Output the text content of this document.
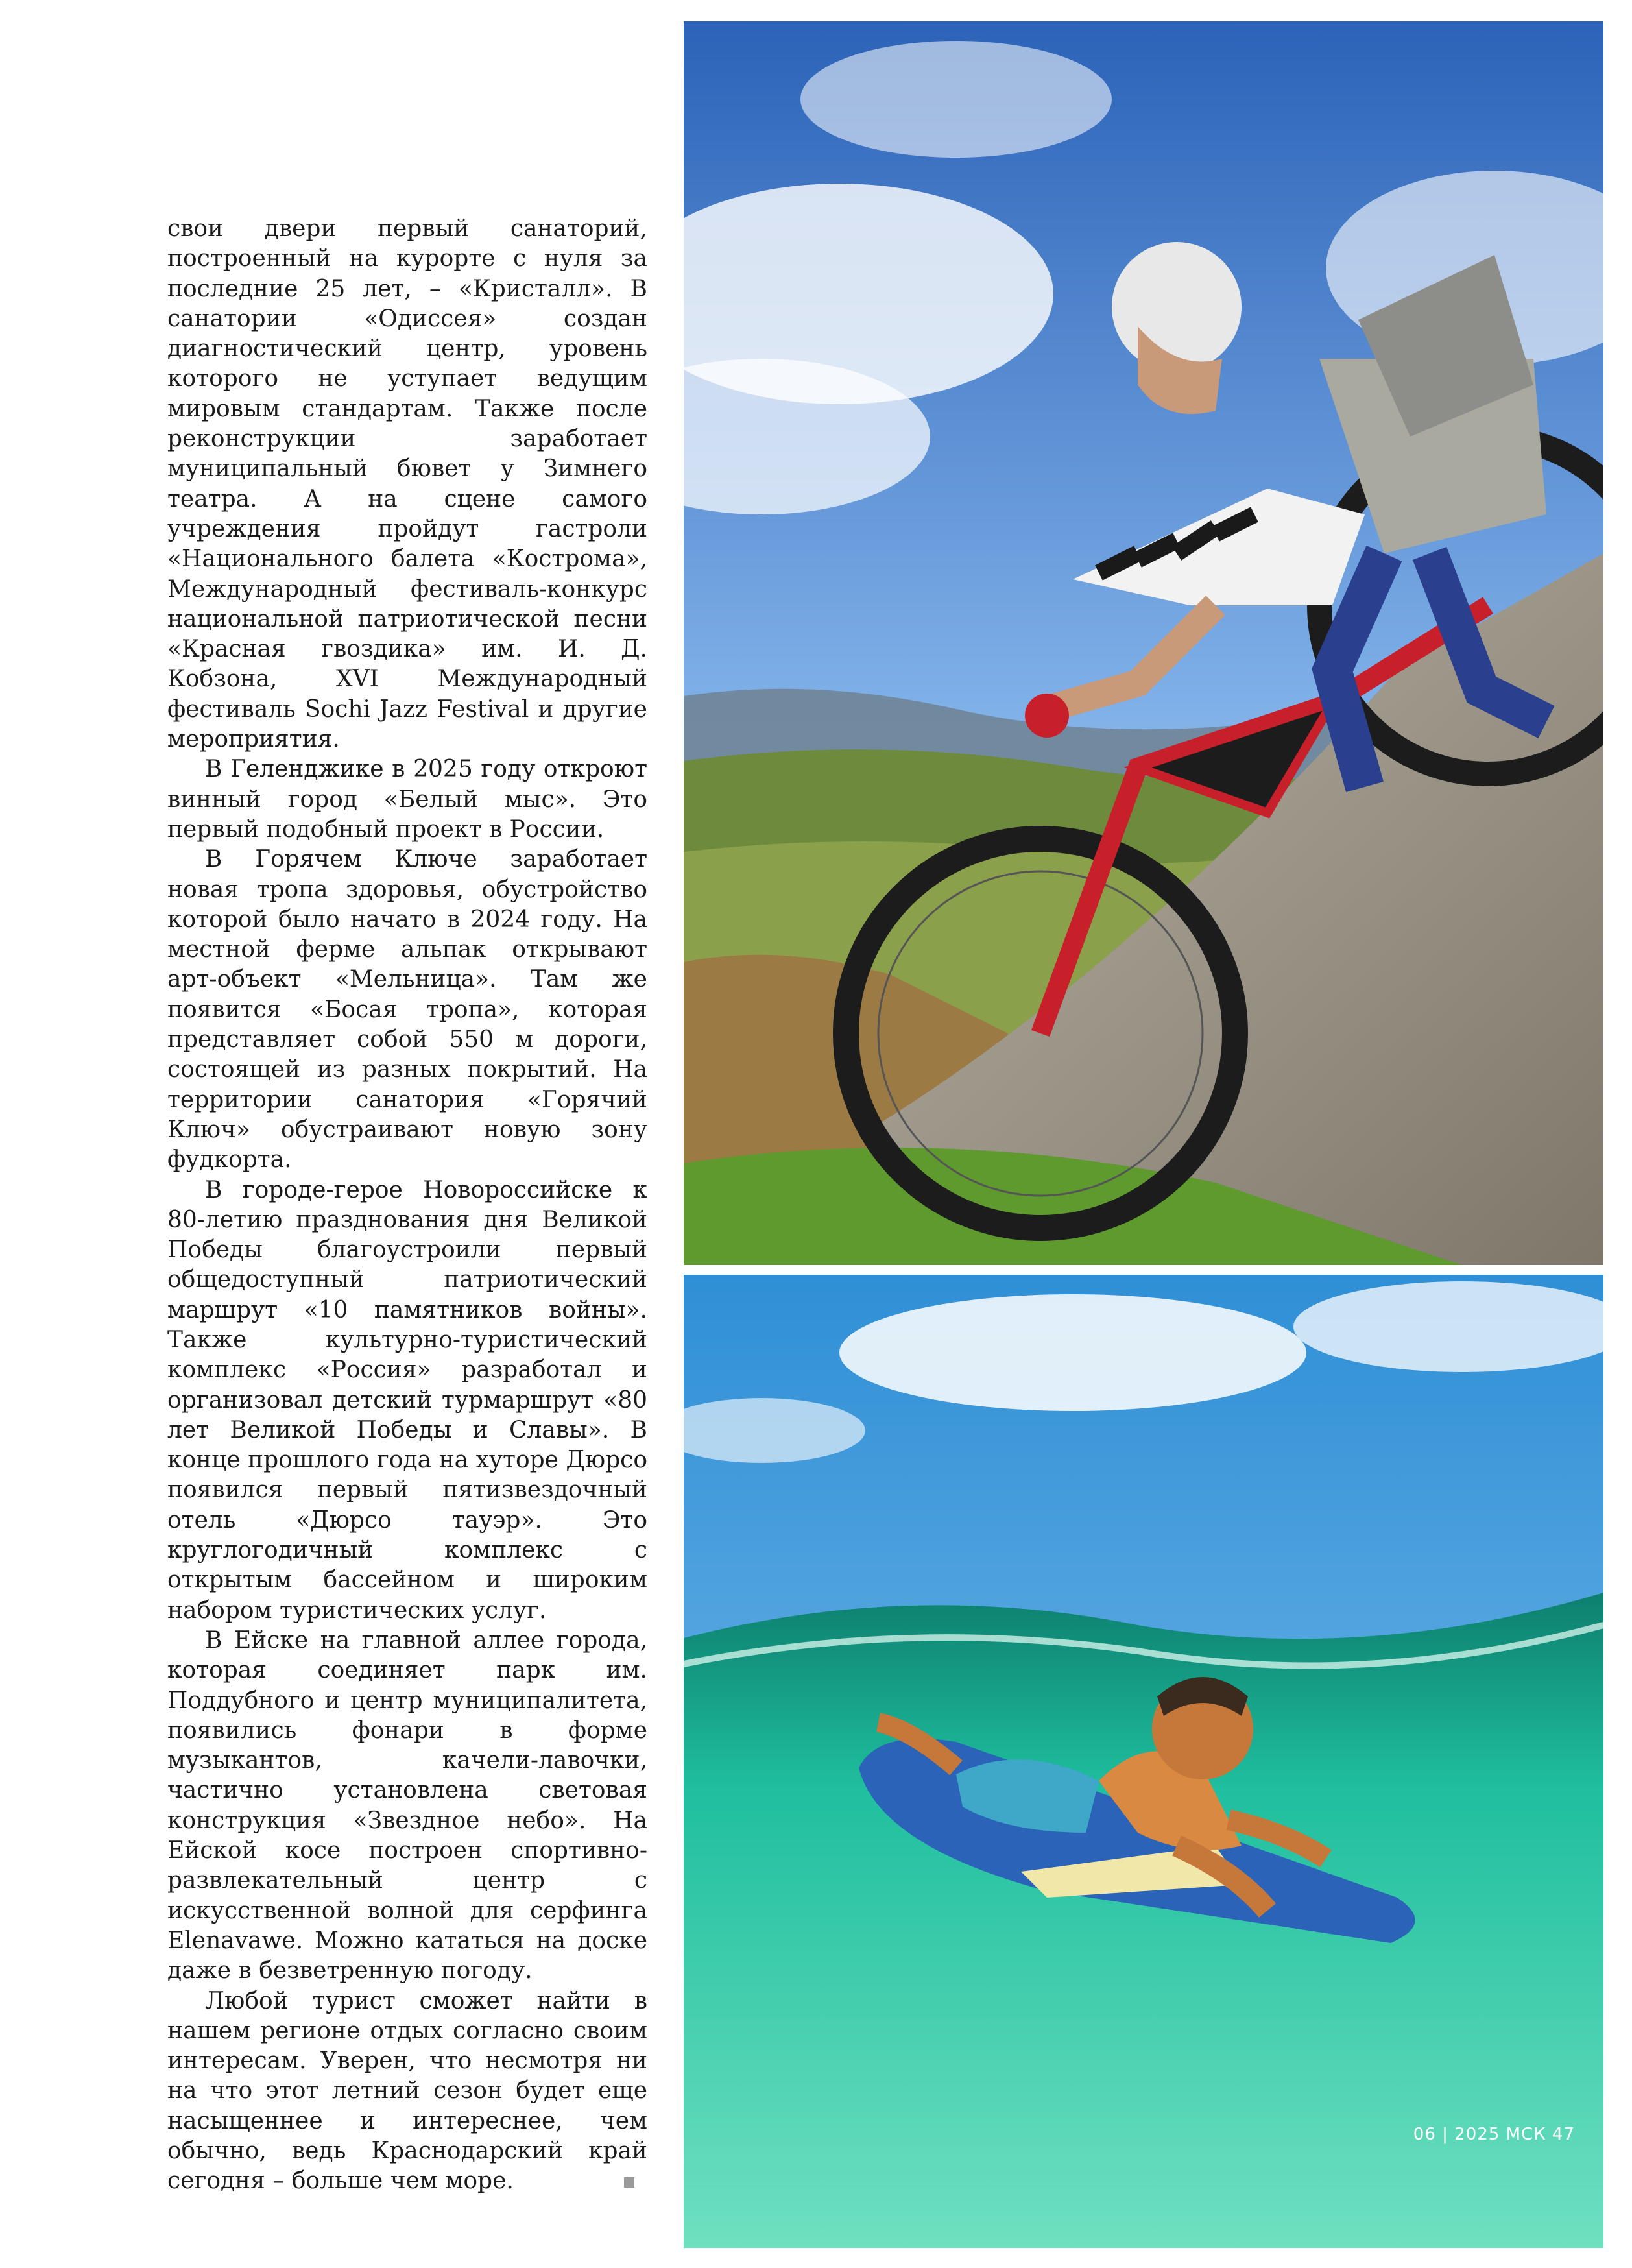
свои двери первый санаторий, построенный на курорте с нуля за последние 25 лет, – «Кристалл». В санатории «Одиссея» создан диагностический центр, уровень которого не уступает ведущим мировым стандартам. Также после реконструкции заработает муниципальный бювет у Зимнего театра. А на сцене самого учреждения пройдут гастроли «Национального балета «Кострома», Международный фестиваль-конкурс национальной патриотической песни «Красная гвоздика» им. И. Д. Кобзона, XVI Международный фестиваль Sochi Jazz Festival и другие мероприятия.

В Геленджике в 2025 году откроют винный город «Белый мыс». Это первый подобный проект в России.

В Горячем Ключе заработает новая тропа здоровья, обустройство которой было начато в 2024 году. На местной ферме альпак открывают арт-объект «Мельница». Там же появится «Босая тропа», которая представляет собой 550 м дороги, состоящей из разных покрытий. На территории санатория «Горячий Ключ» обустраивают новую зону фудкорта.

В городе-герое Новороссийске к 80-летию празднования дня Великой Победы благоустроили первый общедоступный патриотический маршрут «10 памятников войны». Также культурно-туристический комплекс «Россия» разработал и организовал детский турмаршрут «80 лет Великой Победы и Славы». В конце прошлого года на хуторе Дюрсо появился первый пятизвездочный отель «Дюрсо тауэр». Это круглогодичный комплекс с открытым бассейном и широким набором туристических услуг.

В Ейске на главной аллее города, которая соединяет парк им. Поддубного и центр муниципалитета, появились фонари в форме музыкантов, качели-лавочки, частично установлена световая конструкция «Звездное небо». На Ейской косе построен спортивно-развлекательный центр с искусственной волной для серфинга Elenavawe. Можно кататься на доске даже в безветренную погоду.

Любой турист сможет найти в нашем регионе отдых согласно своим интересам. Уверен, что несмотря ни на что этот летний сезон будет еще насыщеннее и интереснее, чем обычно, ведь Краснодарский край сегодня – больше чем море.

06 | 2025 МСК 47
